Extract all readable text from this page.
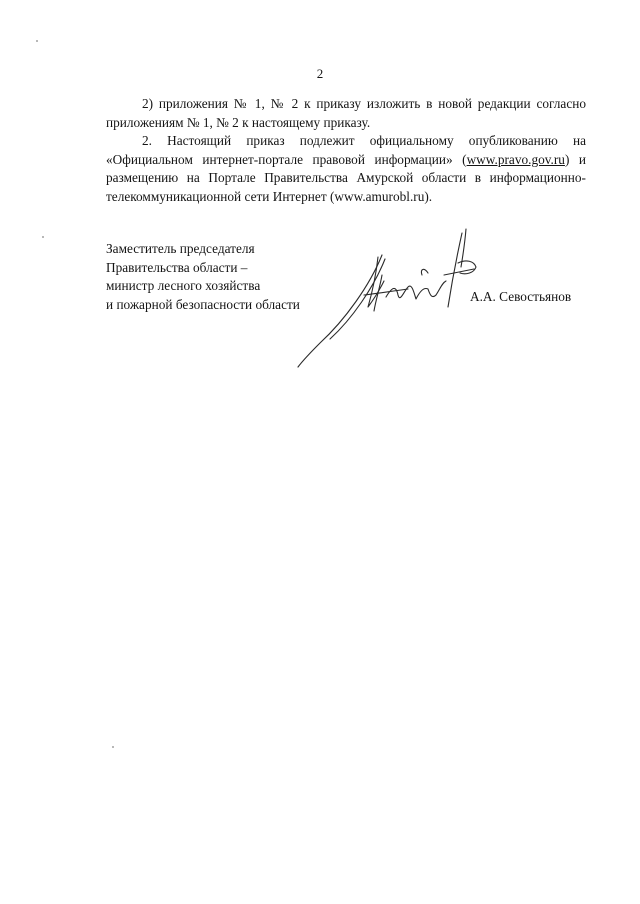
2

2) приложения № 1, № 2 к приказу изложить в новой редакции согласно приложениям № 1, № 2 к настоящему приказу.

2. Настоящий приказ подлежит официальному опубликованию на «Официальном интернет-портале правовой информации» (www.pravo.gov.ru) и размещению на Портале Правительства Амурской области в информационно-телекоммуникационной сети Интернет (www.amurobl.ru).

Заместитель председателя
Правительства области –
министр лесного хозяйства
и пожарной безопасности области	А.А. Севостьянов
